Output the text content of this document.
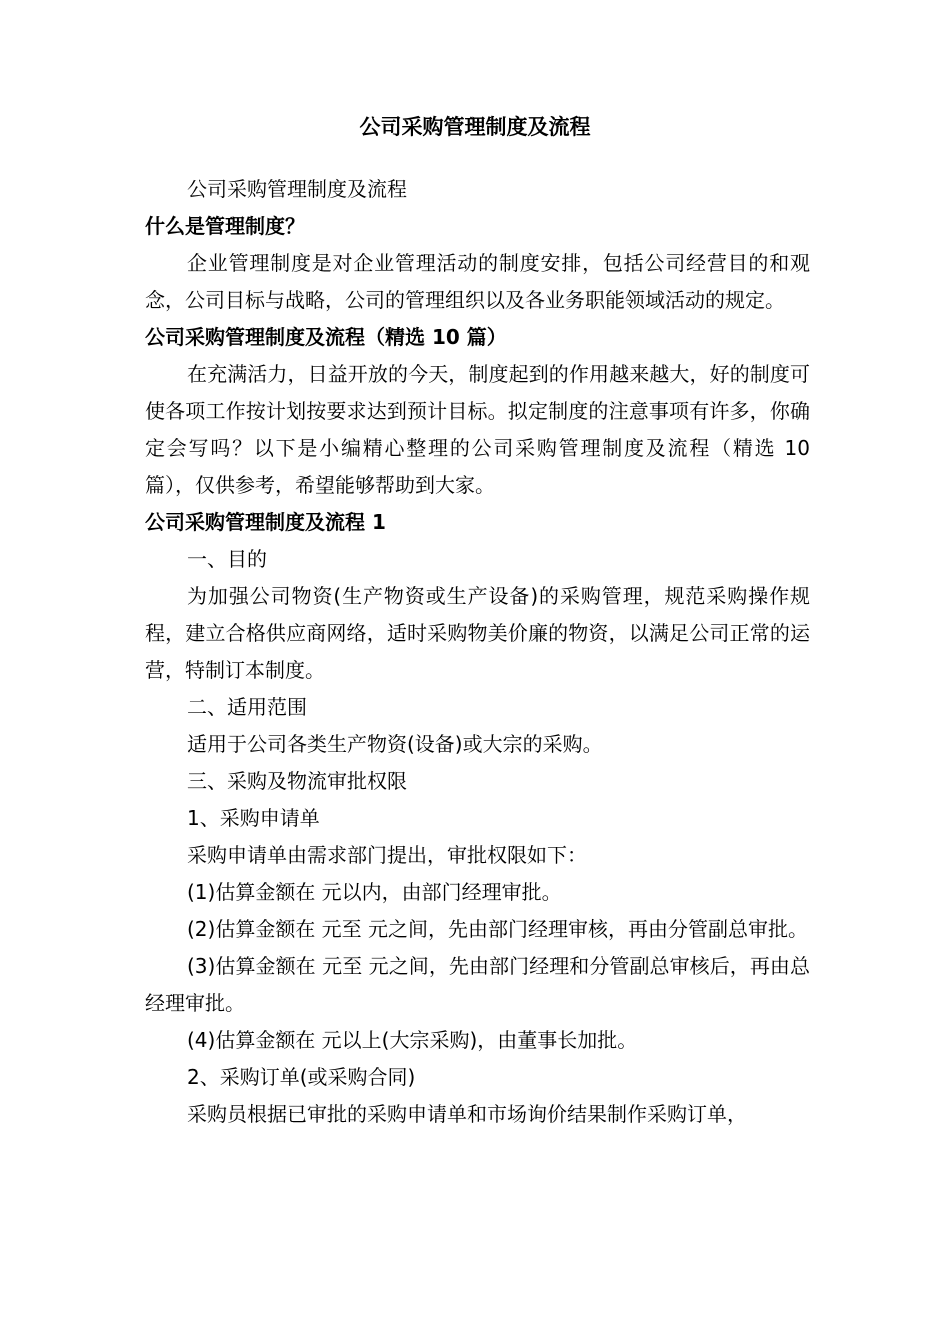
公司采购管理制度及流程

公司采购管理制度及流程

什么是管理制度？

企业管理制度是对企业管理活动的制度安排，包括公司经营目的和观念，公司目标与战略，公司的管理组织以及各业务职能领域活动的规定。

公司采购管理制度及流程（精选 10 篇）

在充满活力，日益开放的今天，制度起到的作用越来越大，好的制度可使各项工作按计划按要求达到预计目标。拟定制度的注意事项有许多，你确定会写吗？以下是小编精心整理的公司采购管理制度及流程（精选 10 篇），仅供参考，希望能够帮助到大家。

公司采购管理制度及流程 1

一、目的

为加强公司物资(生产物资或生产设备)的采购管理，规范采购操作规程，建立合格供应商网络，适时采购物美价廉的物资，以满足公司正常的运营，特制订本制度。

二、适用范围

适用于公司各类生产物资(设备)或大宗的采购。

三、采购及物流审批权限

1、采购申请单

采购申请单由需求部门提出，审批权限如下：

(1)估算金额在 元以内，由部门经理审批。

(2)估算金额在 元至 元之间，先由部门经理审核，再由分管副总审批。

(3)估算金额在 元至 元之间，先由部门经理和分管副总审核后，再由总经理审批。

(4)估算金额在 元以上(大宗采购)，由董事长加批。

2、采购订单(或采购合同)

采购员根据已审批的采购申请单和市场询价结果制作采购订单，
